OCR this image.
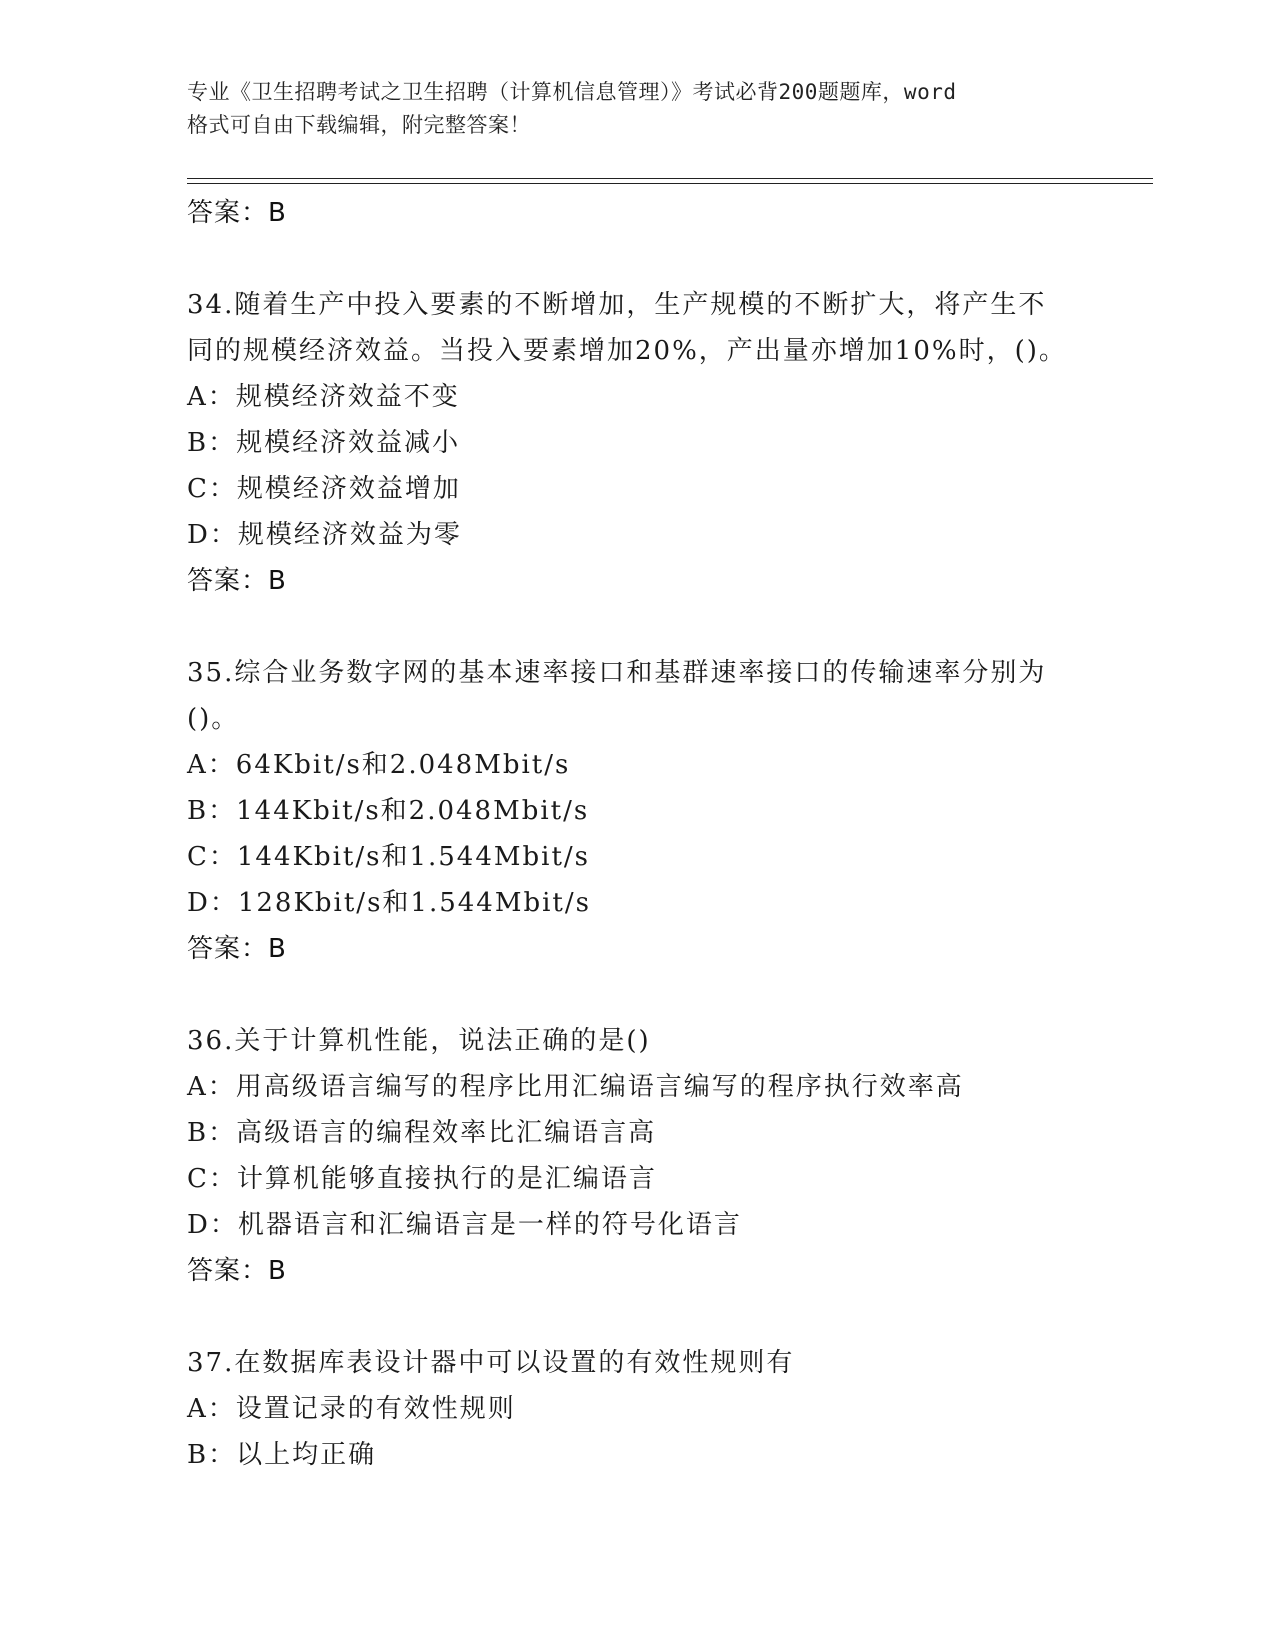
专业《卫生招聘考试之卫生招聘（计算机信息管理）》考试必背200题题库，word
格式可自由下载编辑，附完整答案！
答案：B
34.随着生产中投入要素的不断增加，生产规模的不断扩大，将产生不
同的规模经济效益。当投入要素增加20%，产出量亦增加10%时，()。
A：规模经济效益不变
B：规模经济效益减小
C：规模经济效益增加
D：规模经济效益为零
答案：B
35.综合业务数字网的基本速率接口和基群速率接口的传输速率分别为
()。
A：64Kbit/s和2.048Mbit/s
B：144Kbit/s和2.048Mbit/s
C：144Kbit/s和1.544Mbit/s
D：128Kbit/s和1.544Mbit/s
答案：B
36.关于计算机性能，说法正确的是()
A：用高级语言编写的程序比用汇编语言编写的程序执行效率高
B：高级语言的编程效率比汇编语言高
C：计算机能够直接执行的是汇编语言
D：机器语言和汇编语言是一样的符号化语言
答案：B
37.在数据库表设计器中可以设置的有效性规则有
A：设置记录的有效性规则
B：以上均正确
